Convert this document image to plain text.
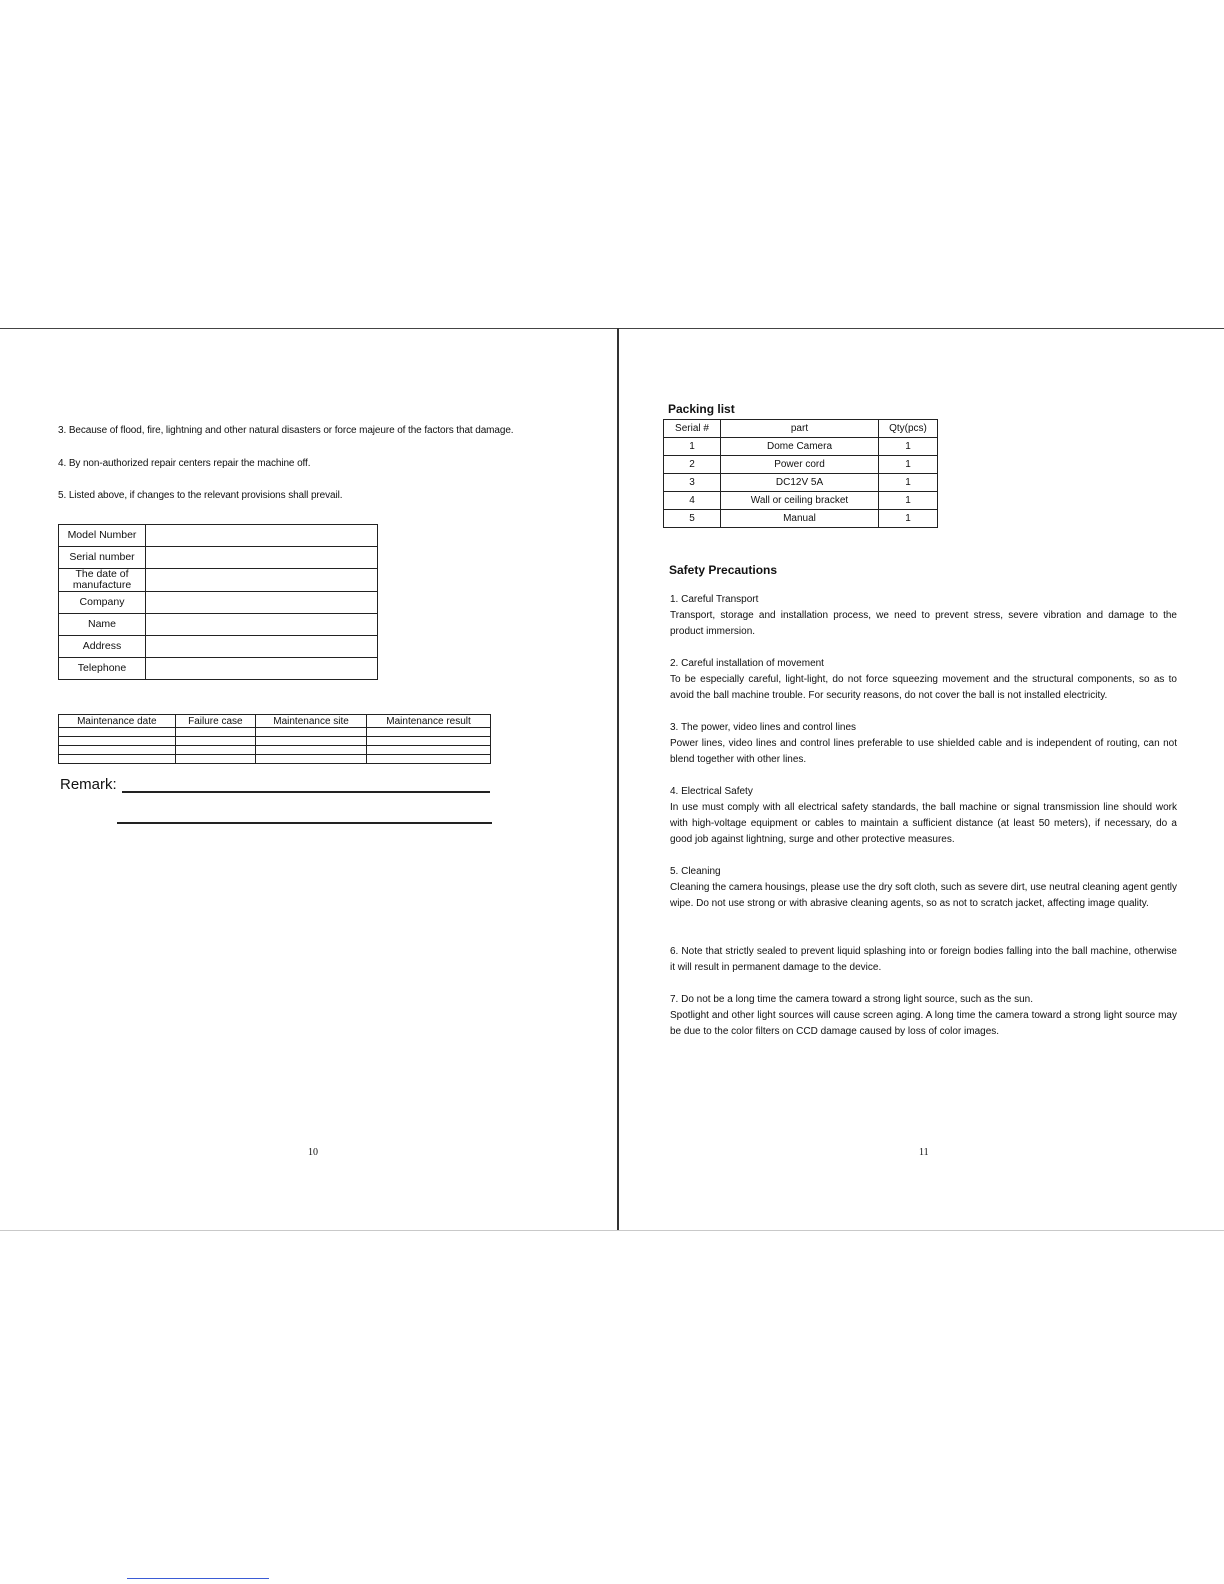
3. Because of flood, fire, lightning and other natural disasters or force majeure of the factors that damage.
4. By non-authorized repair centers repair the machine off.
5. Listed above, if changes to the relevant provisions shall prevail.
Model Number	
Serial number	
The date of manufacture	
Company	
Name	
Address	
Telephone	
Maintenance date	Failure case	Maintenance site	Maintenance result

Remark:
10
Packing list
Serial #	part	Qty(pcs)
1	Dome Camera	1
2	Power cord	1
3	DC12V 5A	1
4	Wall or ceiling bracket	1
5	Manual	1
Safety Precautions
1. Careful Transport
Transport, storage and installation process, we need to prevent stress, severe vibration and damage to the product immersion.
2. Careful installation of movement
To be especially careful, light-light, do not force squeezing movement and the structural components, so as to avoid the ball machine trouble. For security reasons, do not cover the ball is not installed electricity.
3. The power, video lines and control lines
Power lines, video lines and control lines preferable to use shielded cable and is independent of routing, can not blend together with other lines.
4. Electrical Safety
In use must comply with all electrical safety standards, the ball machine or signal transmission line should work with high-voltage equipment or cables to maintain a sufficient distance (at least 50 meters), if necessary, do a good job against lightning, surge and other protective measures.
5. Cleaning
Cleaning the camera housings, please use the dry soft cloth, such as severe dirt, use neutral cleaning agent gently wipe. Do not use strong or with abrasive cleaning agents, so as not to scratch jacket, affecting image quality.
6. Note that strictly sealed to prevent liquid splashing into or foreign bodies falling into the ball machine, otherwise it will result in permanent damage to the device.
7. Do not be a long time the camera toward a strong light source, such as the sun.
Spotlight and other light sources will cause screen aging. A long time the camera toward a strong light source may be due to the color filters on CCD damage caused by loss of color images.
11
